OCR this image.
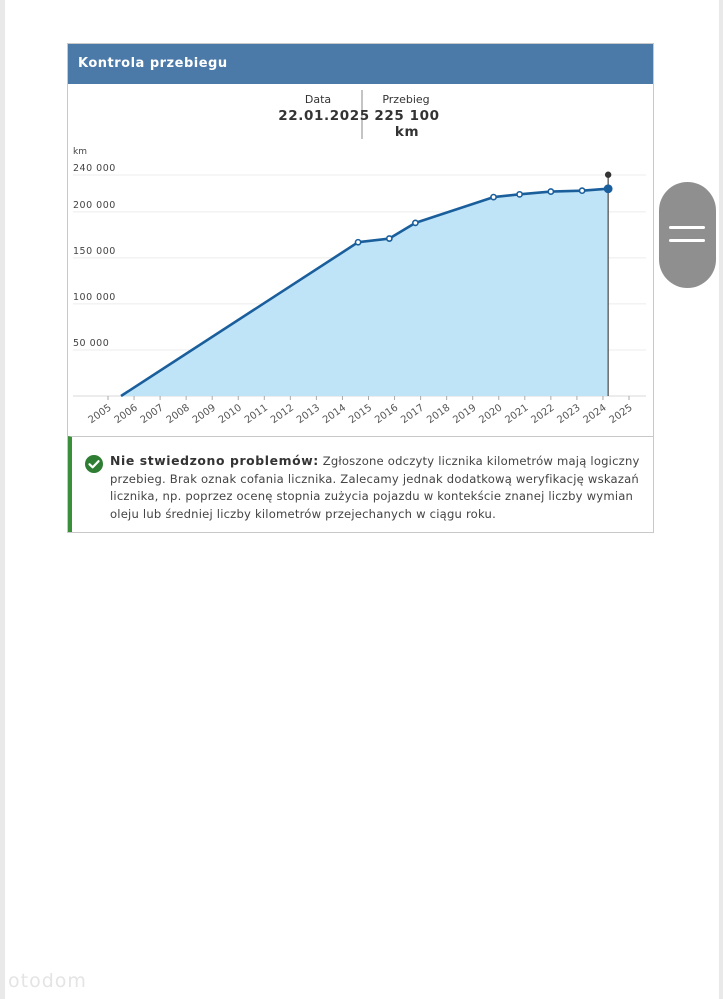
Kontrola przebiegu
240 000
200 000
150 000
100 000
50 000
km
2005
2006
2007
2008
2009
2010
2011
2012
2013
2014
2015
2016
2017
2018
2019
2020
2021
2022
2023
2024
2025
Data
22.01.2025
Przebieg
225 100
km
Nie stwiedzono problemów: Zgłoszone odczyty licznika kilometrów mają logiczny przebieg. Brak oznak cofania licznika. Zalecamy jednak dodatkową weryfikację wskazań licznika, np. poprzez ocenę stopnia zużycia pojazdu w kontekście znanej liczby wymian oleju lub średniej liczby kilometrów przejechanych w ciągu roku.
otodom
